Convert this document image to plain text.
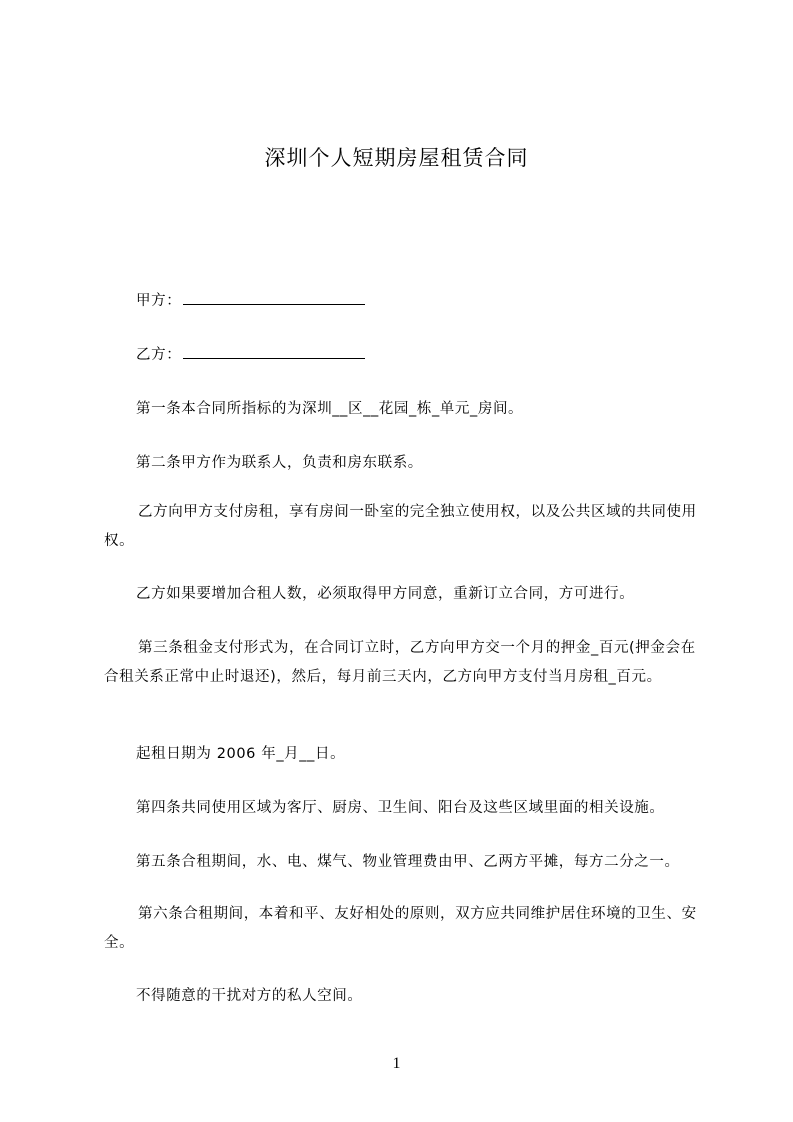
深圳个人短期房屋租赁合同

甲方：

乙方：

第一条本合同所指标的为深圳__区__花园_栋_单元_房间。

第二条甲方作为联系人，负责和房东联系。

乙方向甲方支付房租，享有房间一卧室的完全独立使用权，以及公共区域的共同使用权。

乙方如果要增加合租人数，必须取得甲方同意，重新订立合同，方可进行。

第三条租金支付形式为，在合同订立时，乙方向甲方交一个月的押金_百元(押金会在合租关系正常中止时退还)，然后，每月前三天内，乙方向甲方支付当月房租_百元。

起租日期为 2006 年_月__日。

第四条共同使用区域为客厅、厨房、卫生间、阳台及这些区域里面的相关设施。

第五条合租期间，水、电、煤气、物业管理费由甲、乙两方平摊，每方二分之一。

第六条合租期间，本着和平、友好相处的原则，双方应共同维护居住环境的卫生、安全。

不得随意的干扰对方的私人空间。

1
